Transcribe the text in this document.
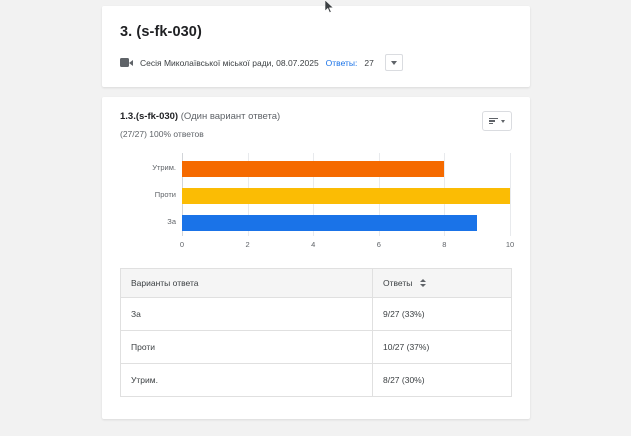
3. (s-fk-030)
Сесія Миколаївської міської ради, 08.07.2025 Ответы: 27
1.3.(s-fk-030) (Один вариант ответа)
(27/27) 100% ответов
Утрим.
Проти
За
0	2	4	6	8	10
Варианты ответа	Ответы

За	9/27 (33%)
Проти	10/27 (37%)
Утрим.	8/27 (30%)
